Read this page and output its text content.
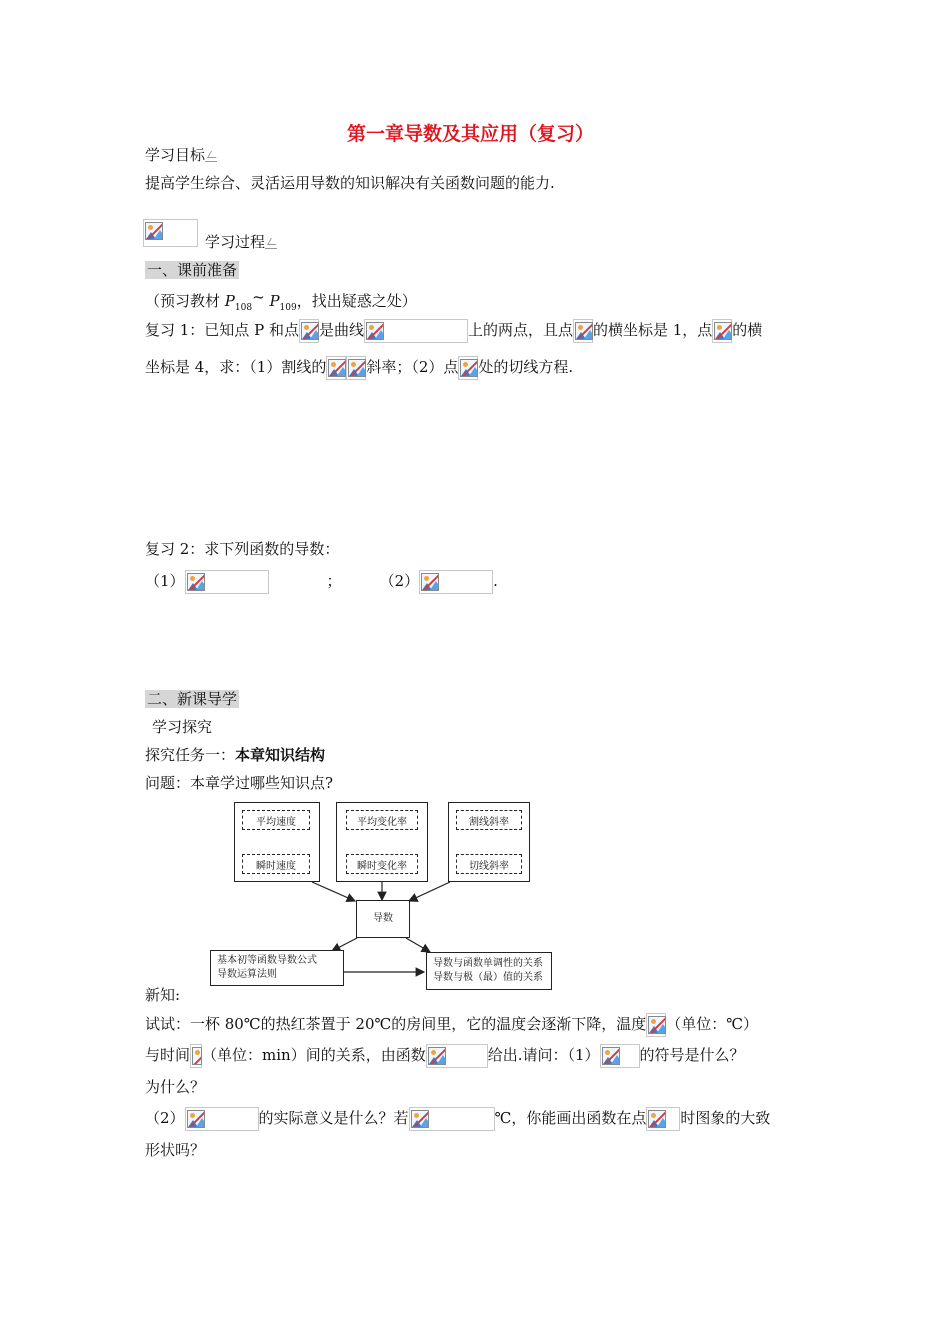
第一章导数及其应用（复习）
学习目标
提高学生综合、灵活运用导数的知识解决有关函数问题的能力.
学习过程
一、课前准备
（预习教材 $P_{108}\sim$ $P_{109}$，找出疑惑之处）
复习 1：已知点 P 和点 是曲线	上的两点，且点 的横坐标是 1，点 的横
坐标是 4，求：（1）割线的	斜率；（2）点 处的切线方程.
复习 2：求下列函数的导数：
（1）	；	（2）	.
二、新课导学
学习探究
探究任务一：本章知识结构
问题：本章学过哪些知识点?
平均速度
瞬时速度
平均变化率
瞬时变化率
割线斜率
切线斜率
导数
基本初等函数导数公式
导数运算法则
导数与函数单调性的关系
导数与极（最）值的关系
新知:
试试：一杯 80℃的热红茶置于 20℃的房间里，它的温度会逐渐下降，温度 （单位：℃）
与时间 （单位：min）间的关系，由函数	给出.请问：（1）	的符号是什么？
为什么？
（2）	的实际意义是什么？若	℃，你能画出函数在点 时图象的大致
形状吗？
